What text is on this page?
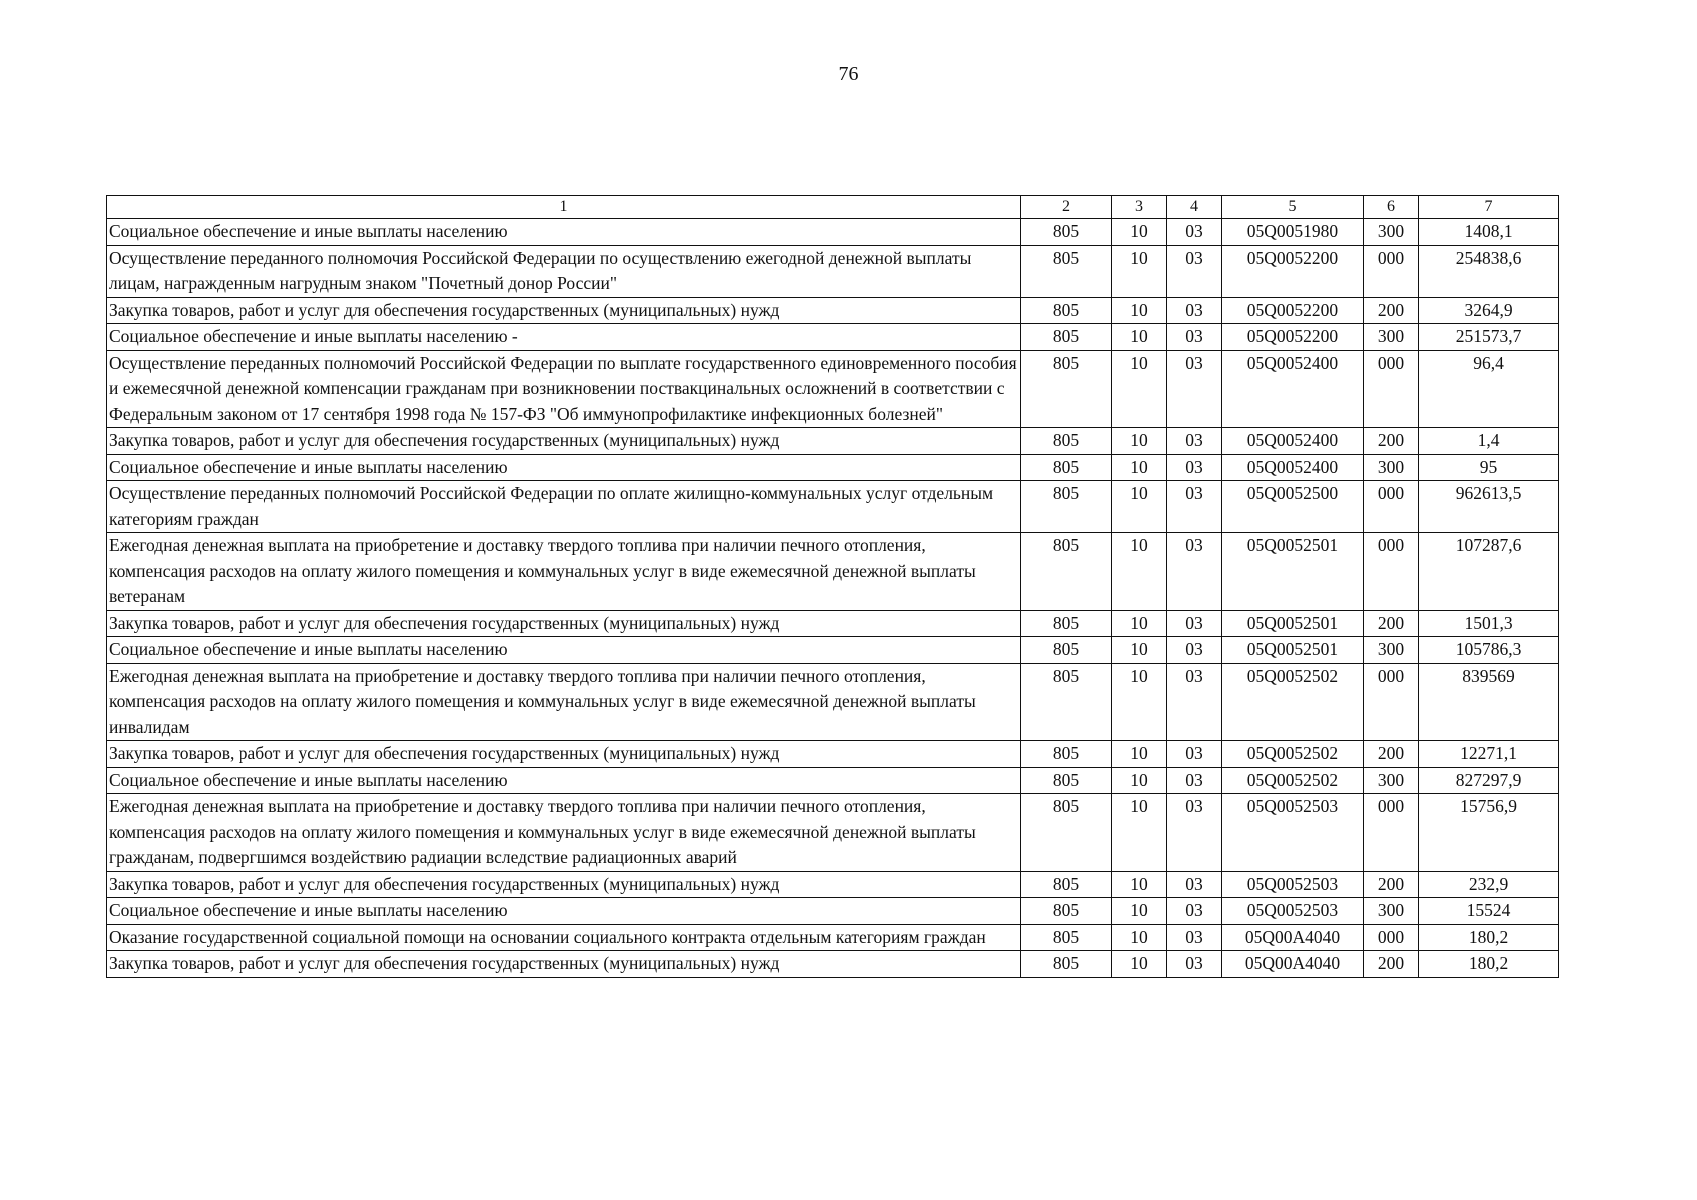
76
1	2	3	4	5	6	7
Социальное обеспечение и иные выплаты населению	805	10	03	05Q0051980	300	1408,1
Осуществление переданного полномочия Российской Федерации по осуществлению ежегодной денежной выплаты лицам, награжденным нагрудным знаком "Почетный донор России"	805	10	03	05Q0052200	000	254838,6
Закупка товаров, работ и услуг для обеспечения государственных (муниципальных) нужд	805	10	03	05Q0052200	200	3264,9
Социальное обеспечение и иные выплаты населению -	805	10	03	05Q0052200	300	251573,7
Осуществление переданных полномочий Российской Федерации по выплате государственного единовременного пособия и ежемесячной денежной компенсации гражданам при возникновении поствакцинальных осложнений в соответствии с Федеральным законом от 17 сентября 1998 года № 157-ФЗ "Об иммунопрофилактике инфекционных болезней"	805	10	03	05Q0052400	000	96,4
Закупка товаров, работ и услуг для обеспечения государственных (муниципальных) нужд	805	10	03	05Q0052400	200	1,4
Социальное обеспечение и иные выплаты населению	805	10	03	05Q0052400	300	95
Осуществление переданных полномочий Российской Федерации по оплате жилищно-коммунальных услуг отдельным категориям граждан	805	10	03	05Q0052500	000	962613,5
Ежегодная денежная выплата на приобретение и доставку твердого топлива при наличии печного отопления, компенсация расходов на оплату жилого помещения и коммунальных услуг в виде ежемесячной денежной выплаты ветеранам	805	10	03	05Q0052501	000	107287,6
Закупка товаров, работ и услуг для обеспечения государственных (муниципальных) нужд	805	10	03	05Q0052501	200	1501,3
Социальное обеспечение и иные выплаты населению	805	10	03	05Q0052501	300	105786,3
Ежегодная денежная выплата на приобретение и доставку твердого топлива при наличии печного отопления, компенсация расходов на оплату жилого помещения и коммунальных услуг в виде ежемесячной денежной выплаты инвалидам	805	10	03	05Q0052502	000	839569
Закупка товаров, работ и услуг для обеспечения государственных (муниципальных) нужд	805	10	03	05Q0052502	200	12271,1
Социальное обеспечение и иные выплаты населению	805	10	03	05Q0052502	300	827297,9
Ежегодная денежная выплата на приобретение и доставку твердого топлива при наличии печного отопления, компенсация расходов на оплату жилого помещения и коммунальных услуг в виде ежемесячной денежной выплаты гражданам, подвергшимся воздействию радиации вследствие радиационных аварий	805	10	03	05Q0052503	000	15756,9
Закупка товаров, работ и услуг для обеспечения государственных (муниципальных) нужд	805	10	03	05Q0052503	200	232,9
Социальное обеспечение и иные выплаты населению	805	10	03	05Q0052503	300	15524
Оказание государственной социальной помощи на основании социального контракта отдельным категориям граждан	805	10	03	05Q00A4040	000	180,2
Закупка товаров, работ и услуг для обеспечения государственных (муниципальных) нужд	805	10	03	05Q00A4040	200	180,2
